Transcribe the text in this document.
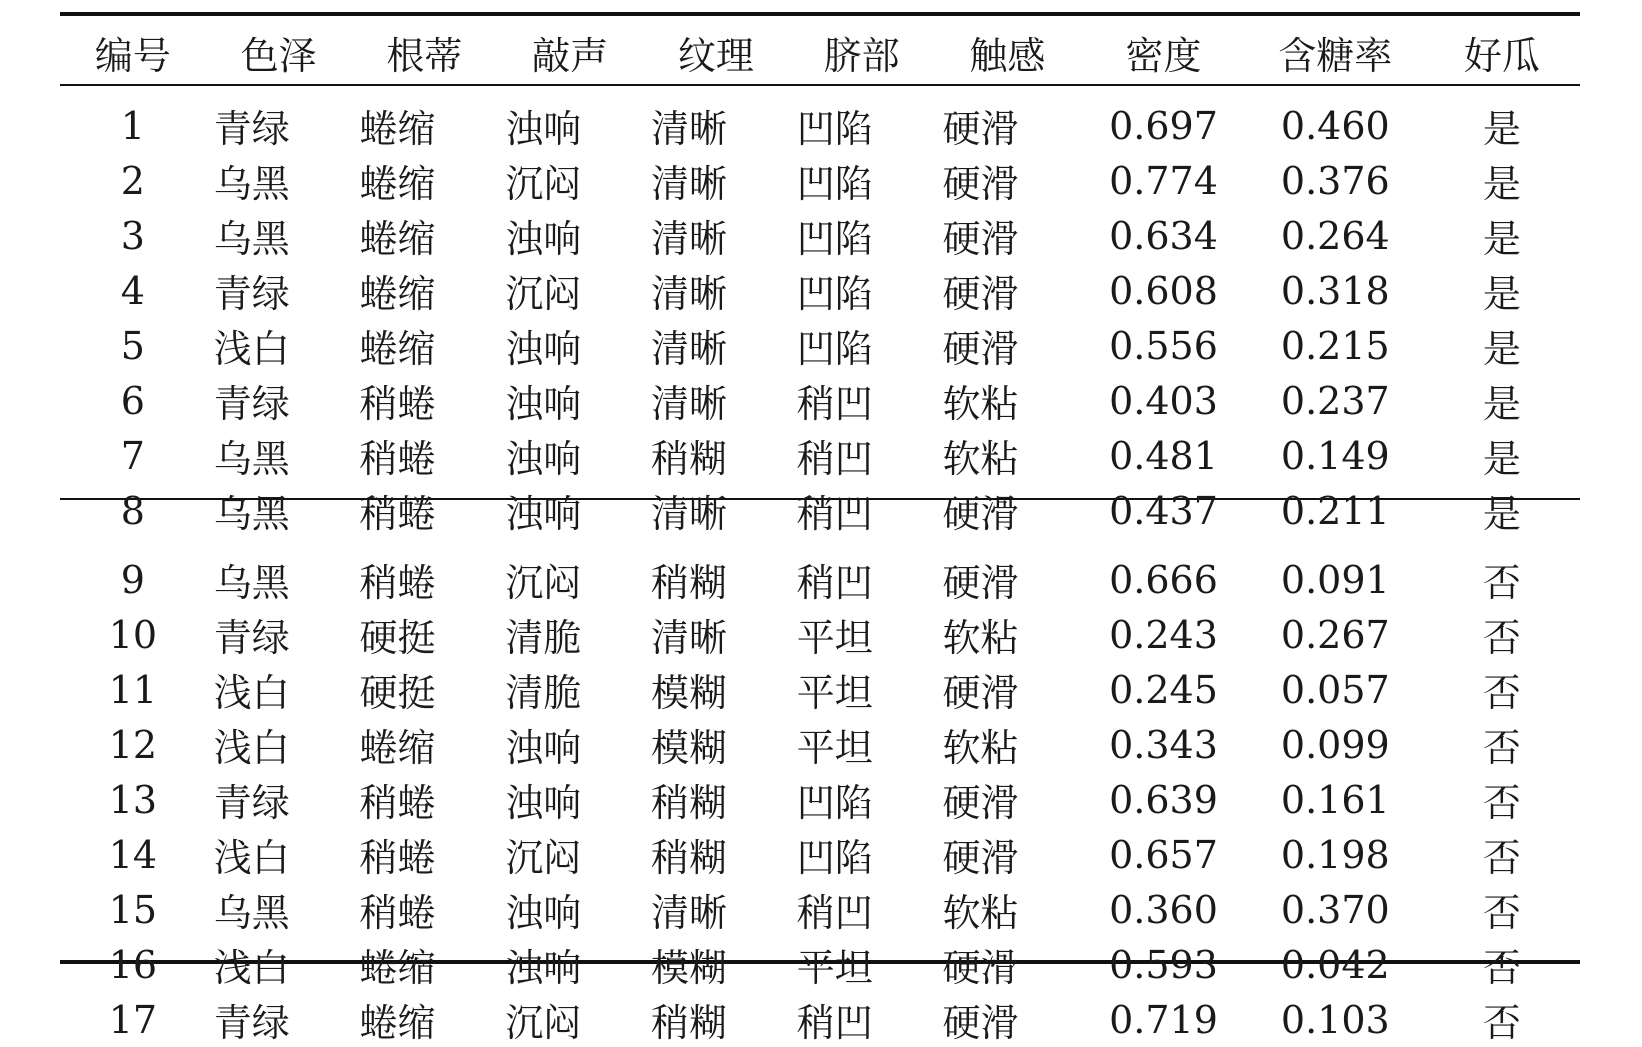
编号	色泽	根蒂	敲声	纹理	脐部	触感	密度	含糖率	好瓜
1	青绿	蜷缩	浊响	清晰	凹陷	硬滑	0.697	0.460	是
2	乌黑	蜷缩	沉闷	清晰	凹陷	硬滑	0.774	0.376	是
3	乌黑	蜷缩	浊响	清晰	凹陷	硬滑	0.634	0.264	是
4	青绿	蜷缩	沉闷	清晰	凹陷	硬滑	0.608	0.318	是
5	浅白	蜷缩	浊响	清晰	凹陷	硬滑	0.556	0.215	是
6	青绿	稍蜷	浊响	清晰	稍凹	软粘	0.403	0.237	是
7	乌黑	稍蜷	浊响	稍糊	稍凹	软粘	0.481	0.149	是
8	乌黑	稍蜷	浊响	清晰	稍凹	硬滑	0.437	0.211	是
9	乌黑	稍蜷	沉闷	稍糊	稍凹	硬滑	0.666	0.091	否
10	青绿	硬挺	清脆	清晰	平坦	软粘	0.243	0.267	否
11	浅白	硬挺	清脆	模糊	平坦	硬滑	0.245	0.057	否
12	浅白	蜷缩	浊响	模糊	平坦	软粘	0.343	0.099	否
13	青绿	稍蜷	浊响	稍糊	凹陷	硬滑	0.639	0.161	否
14	浅白	稍蜷	沉闷	稍糊	凹陷	硬滑	0.657	0.198	否
15	乌黑	稍蜷	浊响	清晰	稍凹	软粘	0.360	0.370	否
16	浅白	蜷缩	浊响	模糊	平坦	硬滑	0.593	0.042	否
17	青绿	蜷缩	沉闷	稍糊	稍凹	硬滑	0.719	0.103	否
